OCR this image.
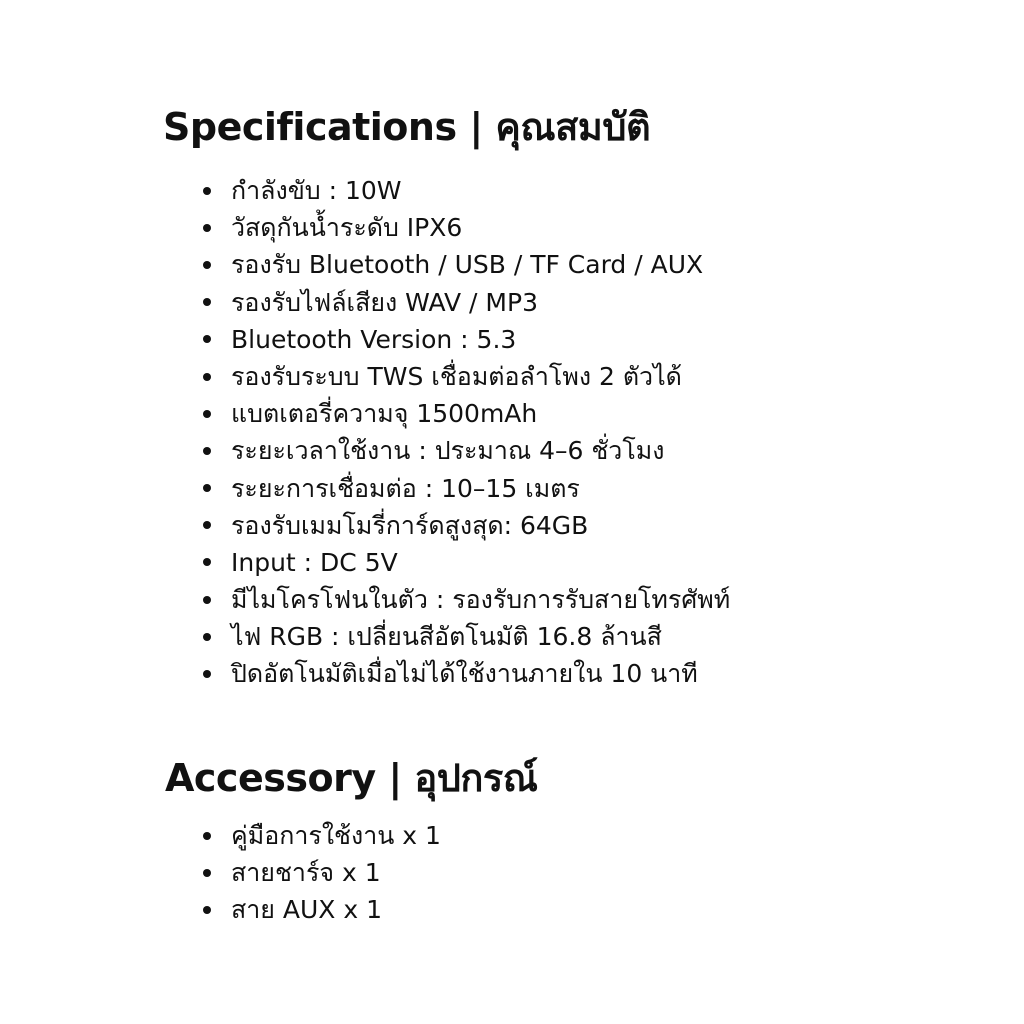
Specifications | คุณสมบัติ
กำลังขับ : 10W
วัสดุกันน้ำระดับ IPX6
รองรับ Bluetooth / USB / TF Card / AUX
รองรับไฟล์เสียง WAV / MP3
Bluetooth Version : 5.3
รองรับระบบ TWS เชื่อมต่อลำโพง 2 ตัวได้
แบตเตอรี่ความจุ 1500mAh
ระยะเวลาใช้งาน : ประมาณ 4–6 ชั่วโมง
ระยะการเชื่อมต่อ : 10–15 เมตร
รองรับเมมโมรี่การ์ดสูงสุด: 64GB
Input : DC 5V
มีไมโครโฟนในตัว : รองรับการรับสายโทรศัพท์
ไฟ RGB : เปลี่ยนสีอัตโนมัติ 16.8 ล้านสี
ปิดอัตโนมัติเมื่อไม่ได้ใช้งานภายใน 10 นาที
Accessory | อุปกรณ์
คู่มือการใช้งาน x 1
สายชาร์จ x 1
สาย AUX x 1
